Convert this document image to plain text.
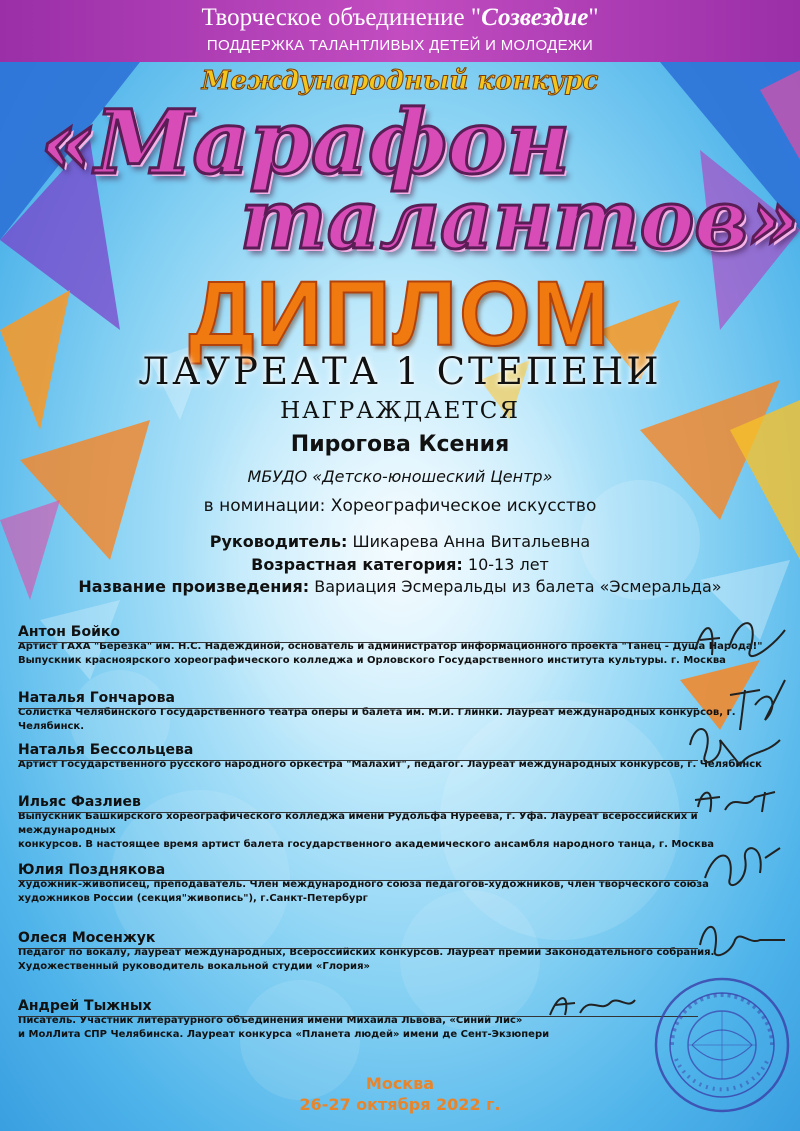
Творческое объединение "Созвездие"
ПОДДЕРЖКА ТАЛАНТЛИВЫХ ДЕТЕЙ И МОЛОДЕЖИ
Международный конкурс
«Марафон
талантов»
ДИПЛОМ
ЛАУРЕАТА 1 СТЕПЕНИ
НАГРАЖДАЕТСЯ
Пирогова Ксения
МБУДО «Детско-юношеский Центр»
в номинации: Хореографическое искусство
Руководитель: Шикарева Анна Витальевна
Возрастная категория: 10-13 лет
Название произведения: Вариация Эсмеральды из балета «Эсмеральда»
Антон Бойко
Артист ГАХА "Березка" им. Н.С. Надеждиной, основатель и администратор информационного проекта "Танец - Душа Народа!"
Выпускник красноярского хореографического колледжа и Орловского Государственного института культуры. г. Москва
Наталья Гончарова
Солистка Челябинского Государственного театра оперы и балета им. М.И. Глинки. Лауреат международных конкурсов, г. Челябинск.
Наталья Бессольцева
Артист Государственного русского народного оркестра "Малахит", педагог. Лауреат международных конкурсов, г. Челябинск
Ильяс Фазлиев
Выпускник Башкирского хореографического колледжа имени Рудольфа Нуреева, г. Уфа. Лауреат всероссийских и международных
конкурсов. В настоящее время артист балета государственного академического ансамбля народного танца, г. Москва
Юлия Позднякова
Художник-живописец, преподаватель. Член международного союза педагогов-художников, член творческого союза
художников России (секция"живопись"), г.Санкт-Петербург
Олеся Мосенжук
Педагог по вокалу, лауреат международных, Всероссийских конкурсов. Лауреат премии Законодательного собрания.
Художественный руководитель вокальной студии «Глория»
Андрей Тыжных
Писатель. Участник литературного объединения имени Михаила Львова, «Синий Лис»
и МолЛита СПР Челябинска. Лауреат конкурса «Планета людей» имени де Сент-Экзюпери
Москва
26-27 октября 2022 г.
